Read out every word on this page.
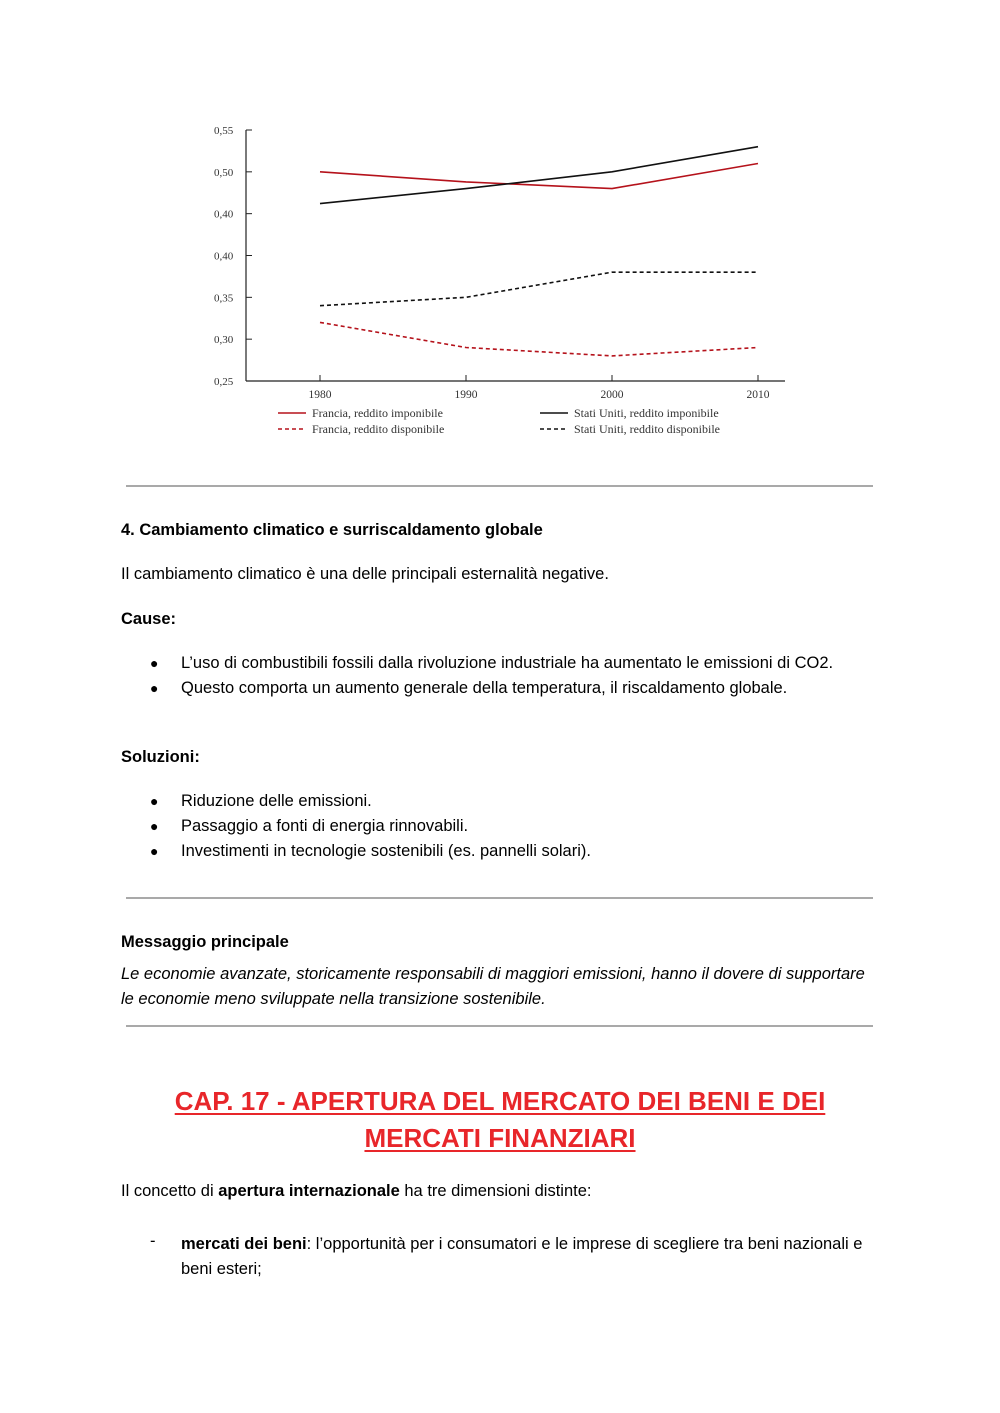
0,55
0,50
0,40
0,40
0,35
0,30
0,25
1980	1990	2000	2010
Francia, reddito imponibile
Francia, reddito disponibile
Stati Uniti, reddito imponibile
Stati Uniti, reddito disponibile

4. Cambiamento climatico e surriscaldamento globale

Il cambiamento climatico è una delle principali esternalità negative.

Cause:

● L’uso di combustibili fossili dalla rivoluzione industriale ha aumentato le emissioni di CO2.
● Questo comporta un aumento generale della temperatura, il riscaldamento globale.

Soluzioni:

● Riduzione delle emissioni.
● Passaggio a fonti di energia rinnovabili.
● Investimenti in tecnologie sostenibili (es. pannelli solari).

Messaggio principale

Le economie avanzate, storicamente responsabili di maggiori emissioni, hanno il dovere di supportare le economie meno sviluppate nella transizione sostenibile.

CAP. 17 - APERTURA DEL MERCATO DEI BENI E DEI

MERCATI FINANZIARI

Il concetto di apertura internazionale ha tre dimensioni distinte:

- mercati dei beni: l’opportunità per i consumatori e le imprese di scegliere tra beni nazionali e beni esteri;
